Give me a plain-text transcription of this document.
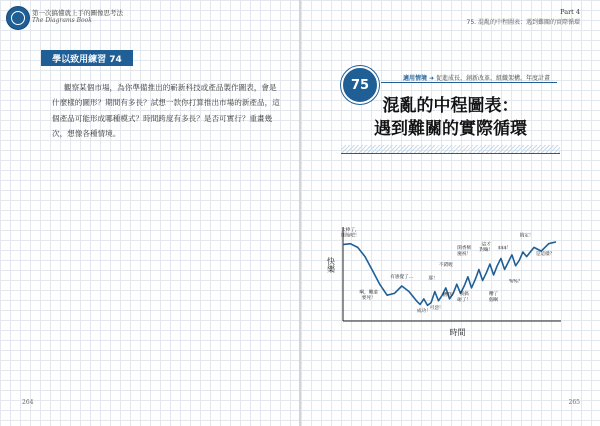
第一次搞懂就上手的圖像思考法
The Diagrams Book
學以致用練習 74
觀察某個市場，為你準備推出的嶄新科技或產品製作圖表，會是什麼樣的圖形？期間有多長？試想一款你打算推出市場的新產品，這個產品可能形成哪種模式？時間跨度有多長？是否可實行？重畫幾次，想像各種情境。
264
Part 4
75. 混亂的中程圖表：遇到難關的實際循環
75	適用情境 ➜ 促進成長、創新改革、組織架構、年度計畫
混亂的中程圖表：
遇到難關的實際循環
快樂
時間
太棒了，開始吧！
啊，難道要死！
有感覺了…
成功！
可惡！
耶！
不錯喔
糟糕！ 我搞砸了！
開香檳慶祝！
這才對嘛！ $$$！
%%？
糟了個啊
搞定！
是這樣？
265
